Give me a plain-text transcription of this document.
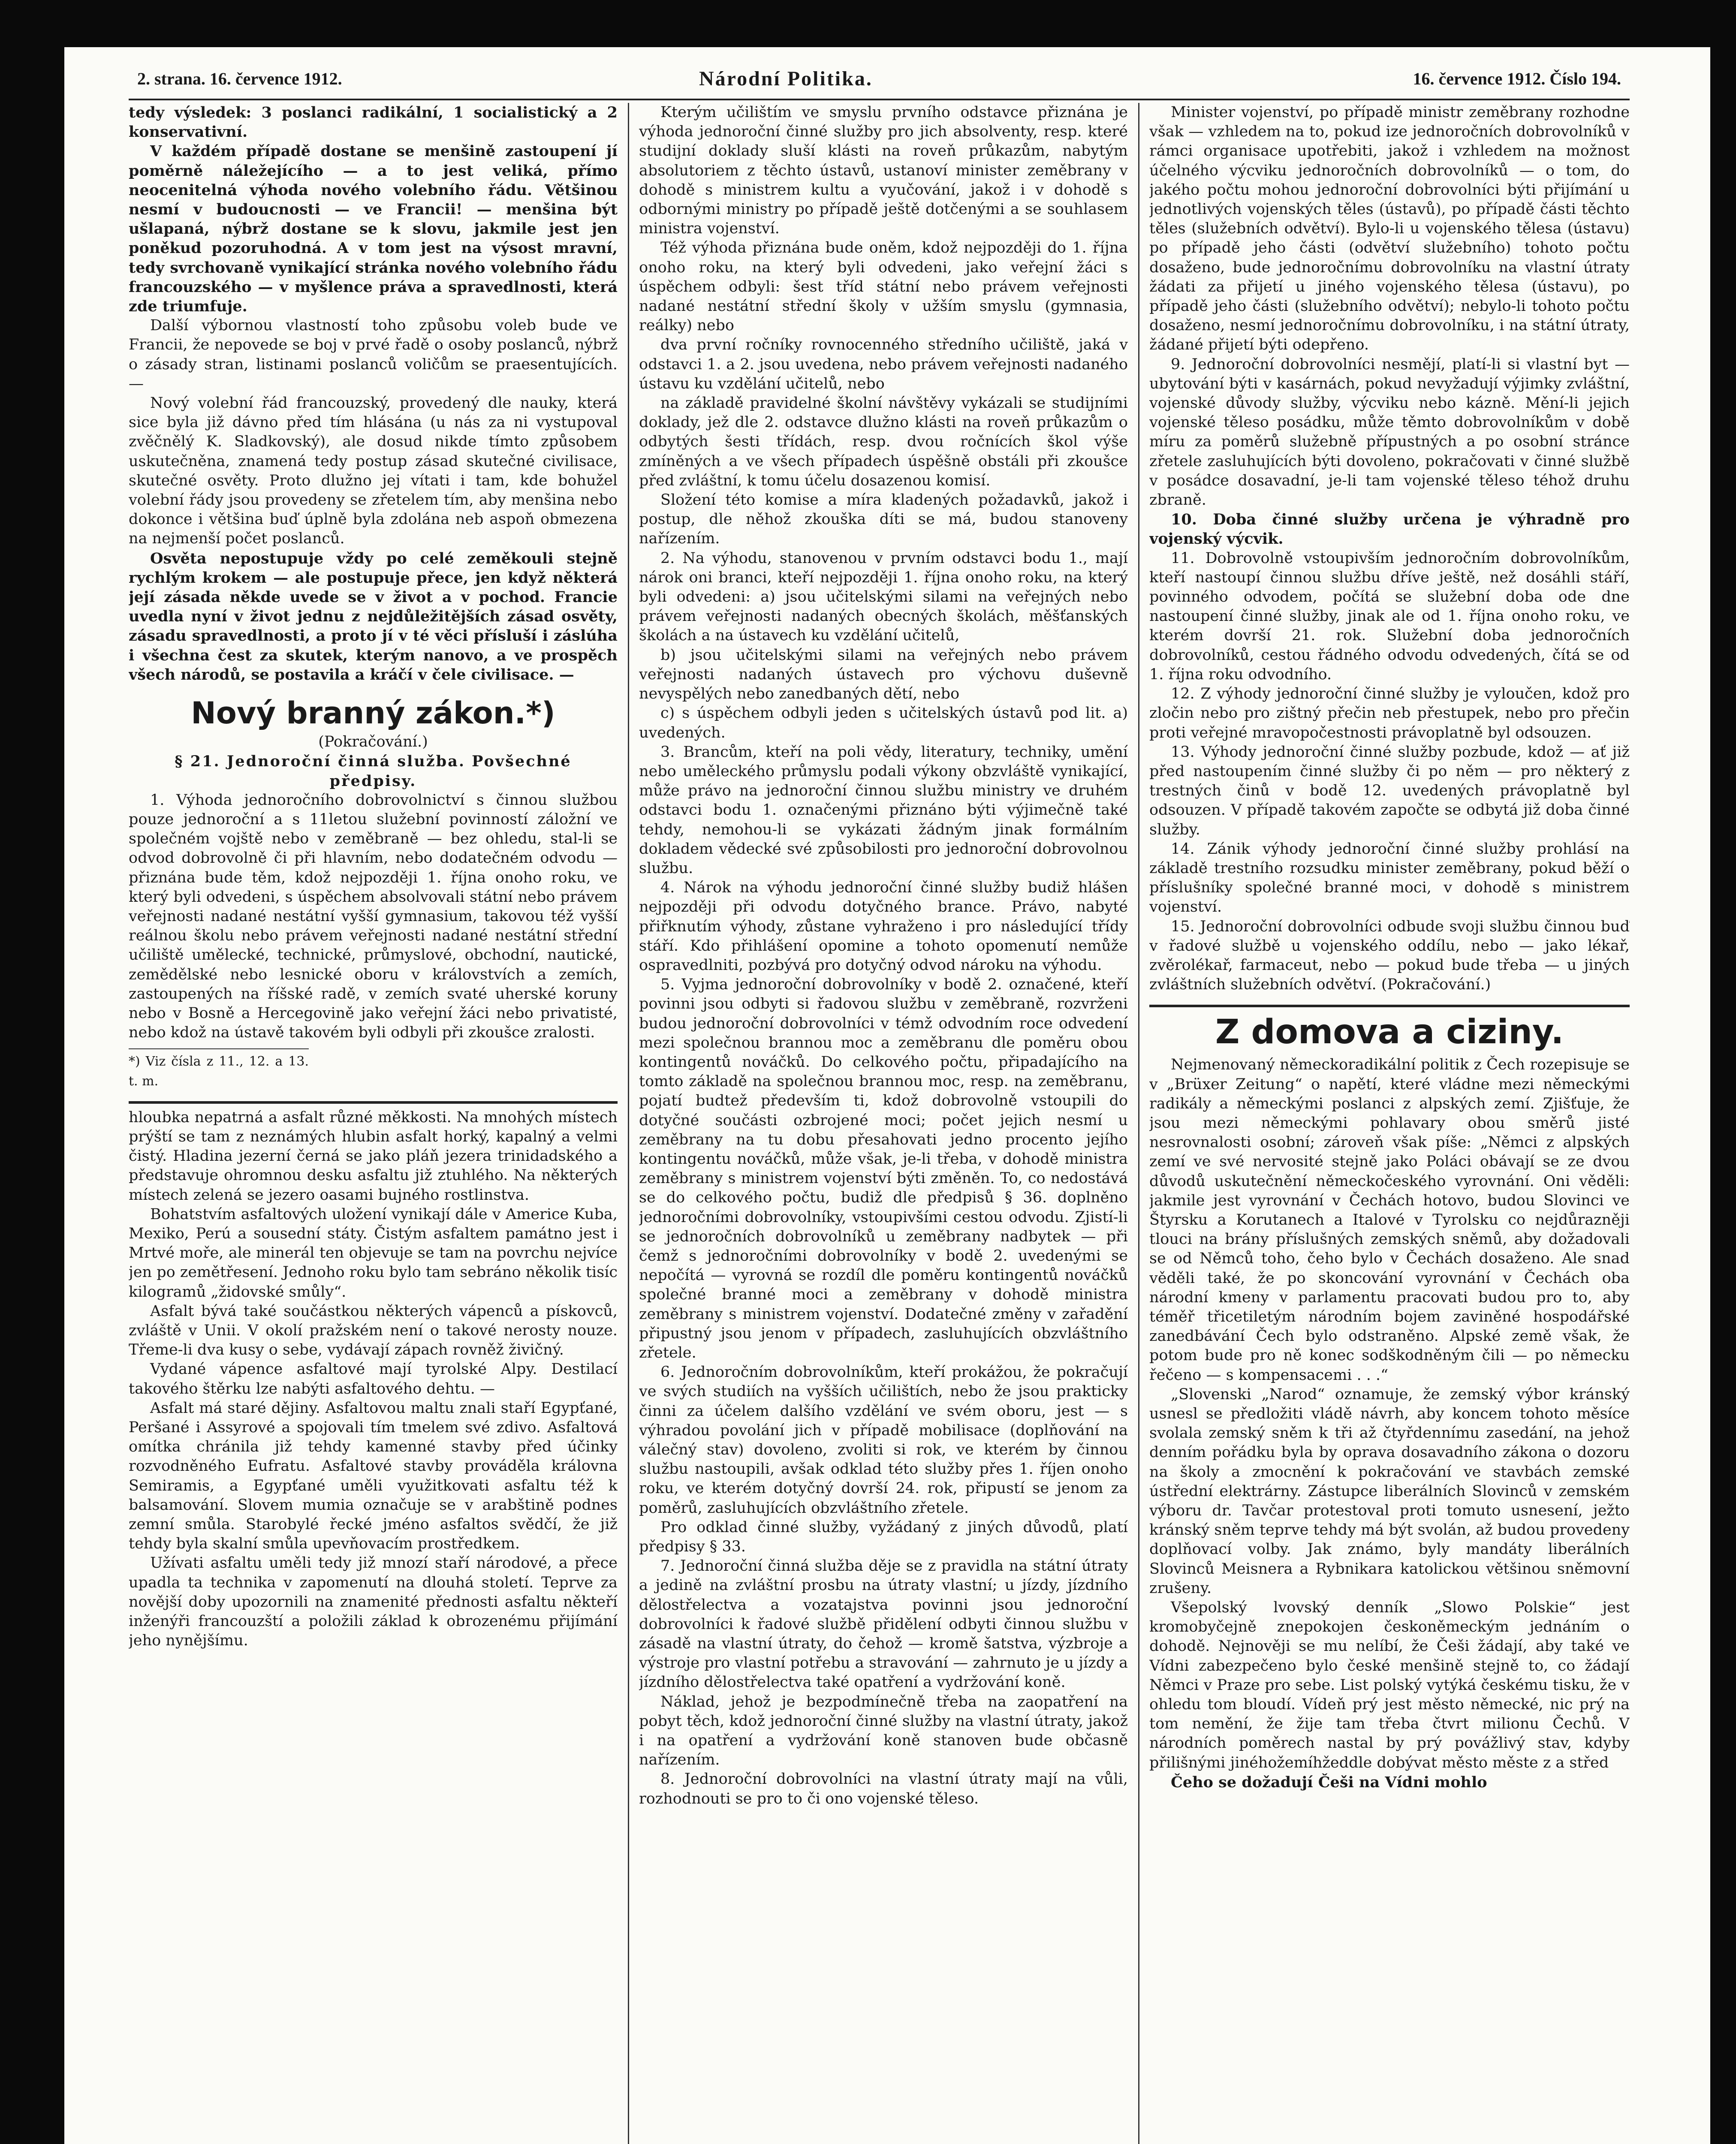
2. strana. 16. července 1912.	Národní Politika.	16. července 1912. Číslo 194.

tedy výsledek: 3 poslanci radikální, 1 socialistický a 2 konservativní.

V každém případě dostane se menšině zastoupení jí poměrně náležejícího — a to jest veliká, přímo neocenitelná výhoda nového volebního řádu. Většinou nesmí v budoucnosti — ve Francii! — menšina být ušlapaná, nýbrž dostane se k slovu, jakmile jest jen poněkud pozoruhodná. A v tom jest na výsost mravní, tedy svrchovaně vynikající stránka nového volebního řádu francouzského — v myšlence práva a spravedlnosti, která zde triumfuje.

Další výbornou vlastností toho způsobu voleb bude ve Francii, že nepovede se boj v prvé řadě o osoby poslanců, nýbrž o zásady stran, listinami poslanců voličům se praesentujících. —

Nový volební řád francouzský, provedený dle nauky, která sice byla již dávno před tím hlásána (u nás za ni vystupoval zvěčnělý K. Sladkovský), ale dosud nikde tímto způsobem uskutečněna, znamená tedy postup zásad skutečné civilisace, skutečné osvěty. Proto dlužno jej vítati i tam, kde bohužel volební řády jsou provedeny se zřetelem tím, aby menšina nebo dokonce i většina buď úplně byla zdolána neb aspoň obmezena na nejmenší počet poslanců.

Osvěta nepostupuje vždy po celé zeměkouli stejně rychlým krokem — ale postupuje přece, jen když některá její zásada někde uvede se v život a v pochod. Francie uvedla nyní v život jednu z nejdůležitějších zásad osvěty, zásadu spravedlnosti, a proto jí v té věci přísluší i záslúha i všechna čest za skutek, kterým nanovo, a ve prospěch všech národů, se postavila a kráčí v čele civilisace. —

Nový branný zákon.*)

(Pokračování.)

§ 21. Jednoroční činná služba. Povšechné předpisy.

1. Výhoda jednoročního dobrovolnictví s činnou službou pouze jednoroční a s 11letou služební povinností záložní ve společném vojště nebo v zeměbraně — bez ohledu, stal-li se odvod dobrovolně či při hlavním, nebo dodatečném odvodu — přiznána bude těm, kdož nejpozději 1. října onoho roku, ve který byli odvedeni, s úspěchem absolvovali státní nebo právem veřejnosti nadané nestátní vyšší gymnasium, takovou též vyšší reálnou školu nebo právem veřejnosti nadané nestátní střední učiliště umělecké, technické, průmyslové, obchodní, nautické, zemědělské nebo lesnické oboru v královstvích a zemích, zastoupených na říšské radě, v zemích svaté uherské koruny nebo v Bosně a Hercegovině jako veřejní žáci nebo privatisté, nebo kdož na ústavě takovém byli odbyli při zkoušce zralosti.

*) Viz čísla z 11., 12. a 13. t. m.

hloubka nepatrná a asfalt různé měkkosti. Na mnohých místech prýští se tam z neznámých hlubin asfalt horký, kapalný a velmi čistý. Hladina jezerní černá se jako pláň jezera trinidadského a představuje ohromnou desku asfaltu již ztuhlého. Na některých místech zelená se jezero oasami bujného rostlinstva.

Bohatstvím asfaltových uložení vynikají dále v Americe Kuba, Mexiko, Perú a sousední státy. Čistým asfaltem památno jest i Mrtvé moře, ale minerál ten objevuje se tam na povrchu nejvíce jen po zemětřesení. Jednoho roku bylo tam sebráno několik tisíc kilogramů „židovské smůly“.

Asfalt bývá také součástkou některých vápenců a pískovců, zvláště v Unii. V okolí pražském není o takové nerosty nouze. Třeme-li dva kusy o sebe, vydávají zápach rovněž živičný.

Vydané vápence asfaltové mají tyrolské Alpy. Destilací takového štěrku lze nabýti asfaltového dehtu. —

Asfalt má staré dějiny. Asfaltovou maltu znali staří Egypťané, Peršané i Assyrové a spojovali tím tmelem své zdivo. Asfaltová omítka chránila již tehdy kamenné stavby před účinky rozvodněného Eufratu. Asfaltové stavby prováděla královna Semiramis, a Egypťané uměli využitkovati asfaltu též k balsamování. Slovem mumia označuje se v arabštině podnes zemní smůla. Starobylé řecké jméno asfaltos svědčí, že již tehdy byla skalní smůla upevňovacím prostředkem.

Užívati asfaltu uměli tedy již mnozí staří národové, a přece upadla ta technika v zapomenutí na dlouhá století. Teprve za novější doby upozornili na znamenité přednosti asfaltu někteří inženýři francouzští a položili základ k obrozenému přijímání jeho nynějšímu.

Kterým učilištím ve smyslu prvního odstavce přiznána je výhoda jednoroční činné služby pro jich absolventy, resp. které studijní doklady sluší klásti na roveň průkazům, nabytým absolutoriem z těchto ústavů, ustanoví minister zeměbrany v dohodě s ministrem kultu a vyučování, jakož i v dohodě s odbornými ministry po případě ještě dotčenými a se souhlasem ministra vojenství.

Též výhoda přiznána bude oněm, kdož nejpozději do 1. října onoho roku, na který byli odvedeni, jako veřejní žáci s úspěchem odbyli: šest tříd státní nebo právem veřejnosti nadané nestátní střední školy v užším smyslu (gymnasia, reálky) nebo

dva první ročníky rovnocenného středního učiliště, jaká v odstavci 1. a 2. jsou uvedena, nebo právem veřejnosti nadaného ústavu ku vzdělání učitelů, nebo

na základě pravidelné školní návštěvy vykázali se studijními doklady, jež dle 2. odstavce dlužno klásti na roveň průkazům o odbytých šesti třídách, resp. dvou ročnících škol výše zmíněných a ve všech případech úspěšně obstáli při zkoušce před zvláštní, k tomu účelu dosazenou komisí.

Složení této komise a míra kladených požadavků, jakož i postup, dle něhož zkouška díti se má, budou stanoveny nařízením.

2. Na výhodu, stanovenou v prvním odstavci bodu 1., mají nárok oni branci, kteří nejpozději 1. října onoho roku, na který byli odvedeni: a) jsou učitelskými silami na veřejných nebo právem veřejnosti nadaných obecných školách, měšťanských školách a na ústavech ku vzdělání učitelů,

b) jsou učitelskými silami na veřejných nebo právem veřejnosti nadaných ústavech pro výchovu duševně nevyspělých nebo zanedbaných dětí, nebo

c) s úspěchem odbyli jeden s učitelských ústavů pod lit. a) uvedených.

3. Brancům, kteří na poli vědy, literatury, techniky, umění nebo uměleckého průmyslu podali výkony obzvláště vynikající, může právo na jednoroční činnou službu ministry ve druhém odstavci bodu 1. označenými přiznáno býti výjimečně také tehdy, nemohou-li se vykázati žádným jinak formálním dokladem vědecké své způsobilosti pro jednoroční dobrovolnou službu.

4. Nárok na výhodu jednoroční činné služby budiž hlášen nejpozději při odvodu dotyčného brance. Právo, nabyté přiřknutím výhody, zůstane vyhraženo i pro následující třídy stáří. Kdo přihlášení opomine a tohoto opomenutí nemůže ospravedlniti, pozbývá pro dotyčný odvod nároku na výhodu.

5. Vyjma jednoroční dobrovolníky v bodě 2. označené, kteří povinni jsou odbyti si řadovou službu v zeměbraně, rozvrženi budou jednoroční dobrovolníci v témž odvodním roce odvedení mezi společnou brannou moc a zeměbranu dle poměru obou kontingentů nováčků. Do celkového počtu, připadajícího na tomto základě na společnou brannou moc, resp. na zeměbranu, pojatí budtež především ti, kdož dobrovolně vstoupili do dotyčné součásti ozbrojené moci; počet jejich nesmí u zeměbrany na tu dobu přesahovati jedno procento jejího kontingentu nováčků, může však, je-li třeba, v dohodě ministra zeměbrany s ministrem vojenství býti změněn. To, co nedostává se do celkového počtu, budiž dle předpisů § 36. doplněno jednoročními dobrovolníky, vstoupivšími cestou odvodu. Zjistí-li se jednoročních dobrovolníků u zeměbrany nadbytek — při čemž s jednoročními dobrovolníky v bodě 2. uvedenými se nepočítá — vyrovná se rozdíl dle poměru kontingentů nováčků společné branné moci a zeměbrany v dohodě ministra zeměbrany s ministrem vojenství. Dodatečné změny v zařadění připustný jsou jenom v případech, zasluhujících obzvláštního zřetele.

6. Jednoročním dobrovolníkům, kteří prokážou, že pokračují ve svých studiích na vyšších učilištích, nebo že jsou prakticky činni za účelem dalšího vzdělání ve svém oboru, jest — s výhradou povolání jich v případě mobilisace (doplňování na válečný stav) dovoleno, zvoliti si rok, ve kterém by činnou službu nastoupili, avšak odklad této služby přes 1. říjen onoho roku, ve kterém dotyčný dovrší 24. rok, připustí se jenom za poměrů, zasluhujících obzvláštního zřetele.

Pro odklad činné služby, vyžádaný z jiných důvodů, platí předpisy § 33.

7. Jednoroční činná služba děje se z pravidla na státní útraty a jedině na zvláštní prosbu na útraty vlastní; u jízdy, jízdního dělostřelectva a vozatajstva povinni jsou jednoroční dobrovolníci k řadové službě přidělení odbyti činnou službu v zásadě na vlastní útraty, do čehož — kromě šatstva, výzbroje a výstroje pro vlastní potřebu a stravování — zahrnuto je u jízdy a jízdního dělostřelectva také opatření a vydržování koně.

Náklad, jehož je bezpodmínečně třeba na zaopatření na pobyt těch, kdož jednoroční činné služby na vlastní útraty, jakož i na opatření a vydržování koně stanoven bude občasně nařízením.

8. Jednoroční dobrovolníci na vlastní útraty mají na vůli, rozhodnouti se pro to či ono vojenské těleso.

Minister vojenství, po případě ministr zeměbrany rozhodne však — vzhledem na to, pokud ize jednoročních dobrovolníků v rámci organisace upotřebiti, jakož i vzhledem na možnost účelného výcviku jednoročních dobrovolníků — o tom, do jakého počtu mohou jednoroční dobrovolníci býti přijímání u jednotlivých vojenských těles (ústavů), po případě části těchto těles (služebních odvětví). Bylo-li u vojenského tělesa (ústavu) po případě jeho části (odvětví služebního) tohoto počtu dosaženo, bude jednoročnímu dobrovolníku na vlastní útraty žádati za přijetí u jiného vojenského tělesa (ústavu), po případě jeho části (služebního odvětví); nebylo-li tohoto počtu dosaženo, nesmí jednoročnímu dobrovolníku, i na státní útraty, žádané přijetí býti odepřeno.

9. Jednoroční dobrovolníci nesmějí, platí-li si vlastní byt — ubytování býti v kasárnách, pokud nevyžadují výjimky zvláštní, vojenské důvody služby, výcviku nebo kázně. Mění-li jejich vojenské těleso posádku, může těmto dobrovolníkům v době míru za poměrů služebně přípustných a po osobní stránce zřetele zasluhujících býti dovoleno, pokračovati v činné službě v posádce dosavadní, je-li tam vojenské těleso téhož druhu zbraně.

10. Doba činné služby určena je výhradně pro vojenský výcvik.

11. Dobrovolně vstoupivším jednoročním dobrovolníkům, kteří nastoupí činnou službu dříve ještě, než dosáhli stáří, povinného odvodem, počítá se služební doba ode dne nastoupení činné služby, jinak ale od 1. října onoho roku, ve kterém dovrší 21. rok. Služební doba jednoročních dobrovolníků, cestou řádného odvodu odvedených, čítá se od 1. října roku odvodního.

12. Z výhody jednoroční činné služby je vyloučen, kdož pro zločin nebo pro zištný přečin neb přestupek, nebo pro přečin proti veřejné mravopočestnosti právoplatně byl odsouzen.

13. Výhody jednoroční činné služby pozbude, kdož — ať již před nastoupením činné služby či po něm — pro některý z trestných činů v bodě 12. uvedených právoplatně byl odsouzen. V případě takovém započte se odbytá již doba činné služby.

14. Zánik výhody jednoroční činné služby prohlásí na základě trestního rozsudku minister zeměbrany, pokud běží o příslušníky společné branné moci, v dohodě s ministrem vojenství.

15. Jednoroční dobrovolníci odbude svoji službu činnou buď v řadové službě u vojenského oddílu, nebo — jako lékař, zvěrolékař, farmaceut, nebo — pokud bude třeba — u jiných zvláštních služebních odvětví. (Pokračování.)

Z domova a ciziny.

Nejmenovaný německoradikální politik z Čech rozepisuje se v „Brüxer Zeitung“ o napětí, které vládne mezi německými radikály a německými poslanci z alpských zemí. Zjišťuje, že jsou mezi německými pohlavary obou směrů jisté nesrovnalosti osobní; zároveň však píše: „Němci z alpských zemí ve své nervosité stejně jako Poláci obávají se ze dvou důvodů uskutečnění německočeského vyrovnání. Oni věděli: jakmile jest vyrovnání v Čechách hotovo, budou Slovinci ve Štyrsku a Korutanech a Italové v Tyrolsku co nejdůrazněji tlouci na brány příslušných zemských sněmů, aby dožadovali se od Němců toho, čeho bylo v Čechách dosaženo. Ale snad věděli také, že po skoncování vyrovnání v Čechách oba národní kmeny v parlamentu pracovati budou pro to, aby téměř třicetiletým národním bojem zaviněné hospodářské zanedbávání Čech bylo odstraněno. Alpské země však, že potom bude pro ně konec sodškodněným čili — po německu řečeno — s kompensacemi . . .“

„Slovenski „Narod“ oznamuje, že zemský výbor kránský usnesl se předložiti vládě návrh, aby koncem tohoto měsíce svolala zemský sněm k tři až čtyřdennímu zasedání, na jehož denním pořádku byla by oprava dosavadního zákona o dozoru na školy a zmocnění k pokračování ve stavbách zemské ústřední elektrárny. Zástupce liberálních Slovinců v zemském výboru dr. Tavčar protestoval proti tomuto usnesení, ježto kránský sněm teprve tehdy má být svolán, až budou provedeny doplňovací volby. Jak známo, byly mandáty liberálních Slovinců Meisnera a Rybnikara katolickou většinou sněmovní zrušeny.

Všepolský lvovský denník „Slowo Polskie“ jest kromobyčejně znepokojen českoněmeckým jednáním o dohodě. Nejnověji se mu nelíbí, že Češi žádají, aby také ve Vídni zabezpečeno bylo české menšině stejně to, co žádají Němci v Praze pro sebe. List polský vytýká českému tisku, že v ohledu tom bloudí. Vídeň prý jest město německé, nic prý na tom nemění, že žije tam třeba čtvrt milionu Čechů. V národních poměrech nastal by prý povážlivý stav, kdyby přilišnými jinéhožemíhžeddle dobývat město měste z a střed

Čeho se dožadují Češi na Vídni mohlo
